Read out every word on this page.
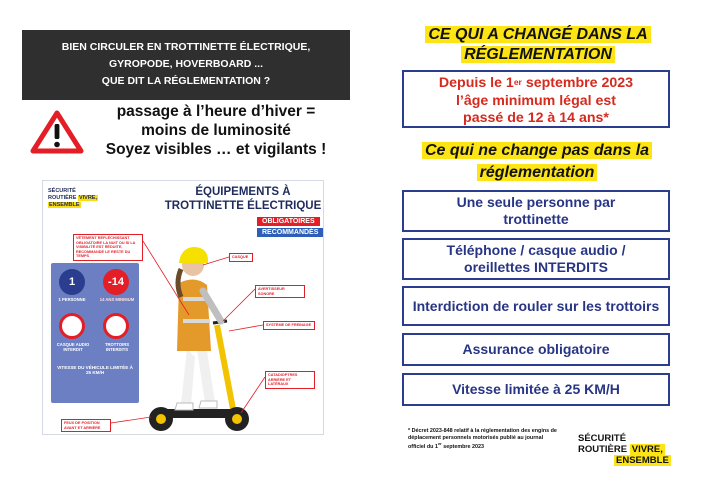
BIEN CIRCULER EN TROTTINETTE ÉLECTRIQUE,
GYROPODE, HOVERBOARD ...
QUE DIT LA RÉGLEMENTATION ?
passage à l’heure d’hiver =
moins de luminosité
Soyez visibles … et vigilants !
SÉCURITÉ
ROUTIÈRE VIVRE,
ENSEMBLE
ÉQUIPEMENTS À
TROTTINETTE ÉLECTRIQUE
OBLIGATOIRES
RECOMMANDÉS
VÊTEMENT RÉFLÉCHISSANT OBLIGATOIRE LA NUIT OU SI LA VISIBILITÉ EST RÉDUITE, RECOMMANDÉ LE RESTE DU TEMPS	CASQUE
AVERTISSEUR SONORE
SYSTÈME DE FREINAGE
CATADIOPTRES ARRIÈRE ET LATÉRAUX
FEUX DE POSITION AVANT ET ARRIÈRE
1
1 PERSONNE
-14
14 ANS MINIMUM
CASQUE AUDIO INTERDIT
TROTTOIRS INTERDITS
VITESSE DU VÉHICULE LIMITÉE À 25 KM/H
CE QUI A CHANGÉ DANS LA RÉGLEMENTATION
Depuis le 1er septembre 2023
l’âge minimum légal est
passé de 12 à 14 ans*
Ce qui ne change pas dans la réglementation
Une seule personne par trottinette
Téléphone / casque audio / oreillettes INTERDITS
Interdiction de rouler sur les trottoirs
Assurance obligatoire
Vitesse limitée à 25 KM/H
* Décret 2023-848 relatif à la réglementation des engins de déplacement personnels motorisés publié au journal officiel du 1er septembre 2023
SÉCURITÉ
ROUTIÈRE VIVRE,
ENSEMBLE
